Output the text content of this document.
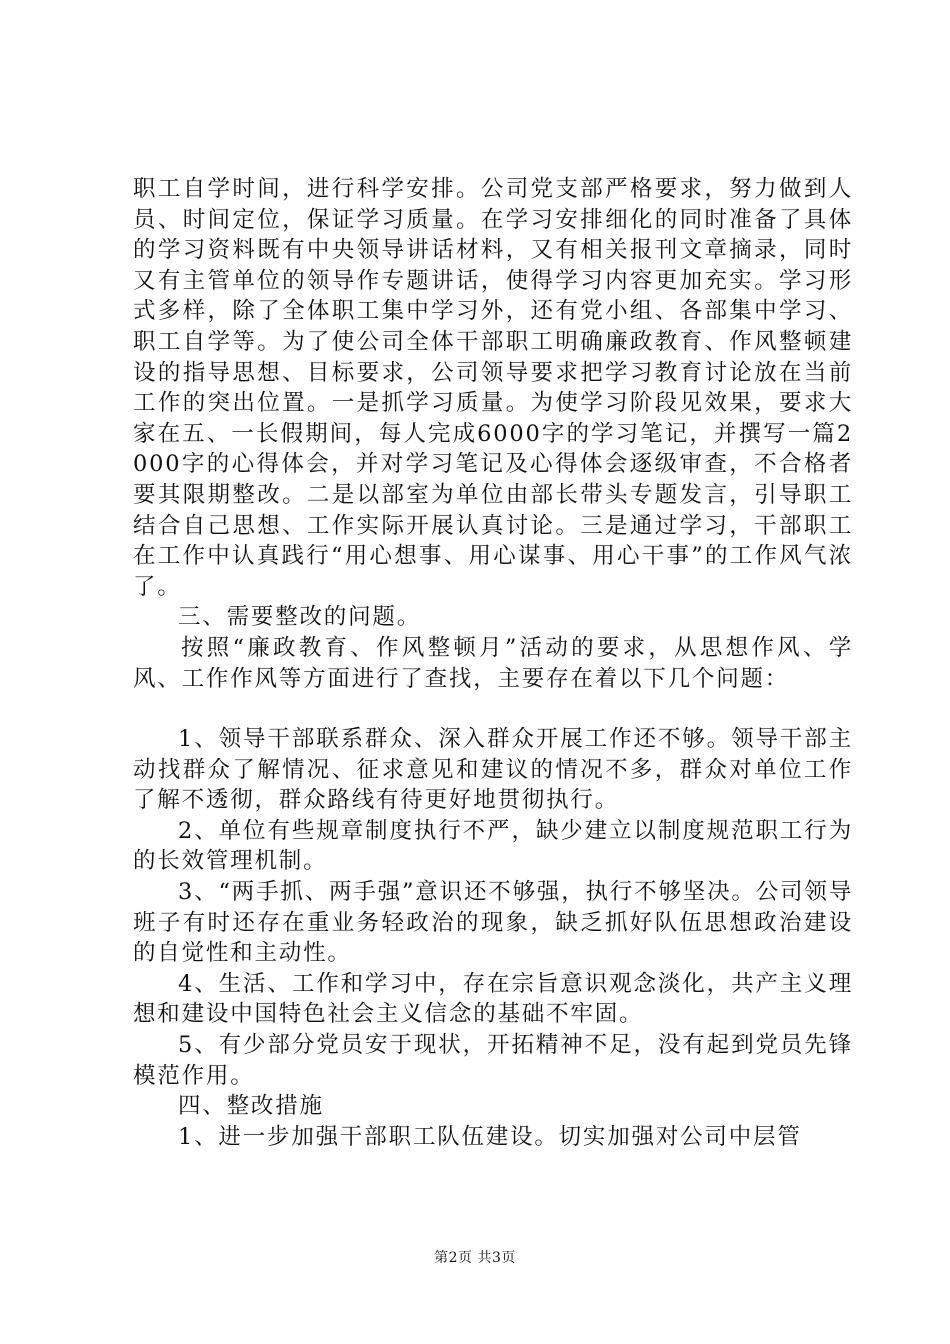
职工自学时间，进行科学安排。公司党支部严格要求，努力做到人员、时间定位，保证学习质量。在学习安排细化的同时准备了具体的学习资料既有中央领导讲话材料，又有相关报刊文章摘录，同时又有主管单位的领导作专题讲话，使得学习内容更加充实。学习形式多样，除了全体职工集中学习外，还有党小组、各部集中学习、职工自学等。为了使公司全体干部职工明确廉政教育、作风整顿建设的指导思想、目标要求，公司领导要求把学习教育讨论放在当前工作的突出位置。一是抓学习质量。为使学习阶段见效果，要求大家在五、一长假期间，每人完成6000字的学习笔记，并撰写一篇2000字的心得体会，并对学习笔记及心得体会逐级审查，不合格者要其限期整改。二是以部室为单位由部长带头专题发言，引导职工结合自己思想、工作实际开展认真讨论。三是通过学习，干部职工在工作中认真践行“用心想事、用心谋事、用心干事”的工作风气浓了。

三、需要整改的问题。

按照“廉政教育、作风整顿月”活动的要求，从思想作风、学风、工作作风等方面进行了查找，主要存在着以下几个问题：

1、领导干部联系群众、深入群众开展工作还不够。领导干部主动找群众了解情况、征求意见和建议的情况不多，群众对单位工作了解不透彻，群众路线有待更好地贯彻执行。

2、单位有些规章制度执行不严，缺少建立以制度规范职工行为的长效管理机制。

3、“两手抓、两手强”意识还不够强，执行不够坚决。公司领导班子有时还存在重业务轻政治的现象，缺乏抓好队伍思想政治建设的自觉性和主动性。

4、生活、工作和学习中，存在宗旨意识观念淡化，共产主义理想和建设中国特色社会主义信念的基础不牢固。

5、有少部分党员安于现状，开拓精神不足，没有起到党员先锋模范作用。

四、整改措施

1、进一步加强干部职工队伍建设。切实加强对公司中层管

第2页 共3页
